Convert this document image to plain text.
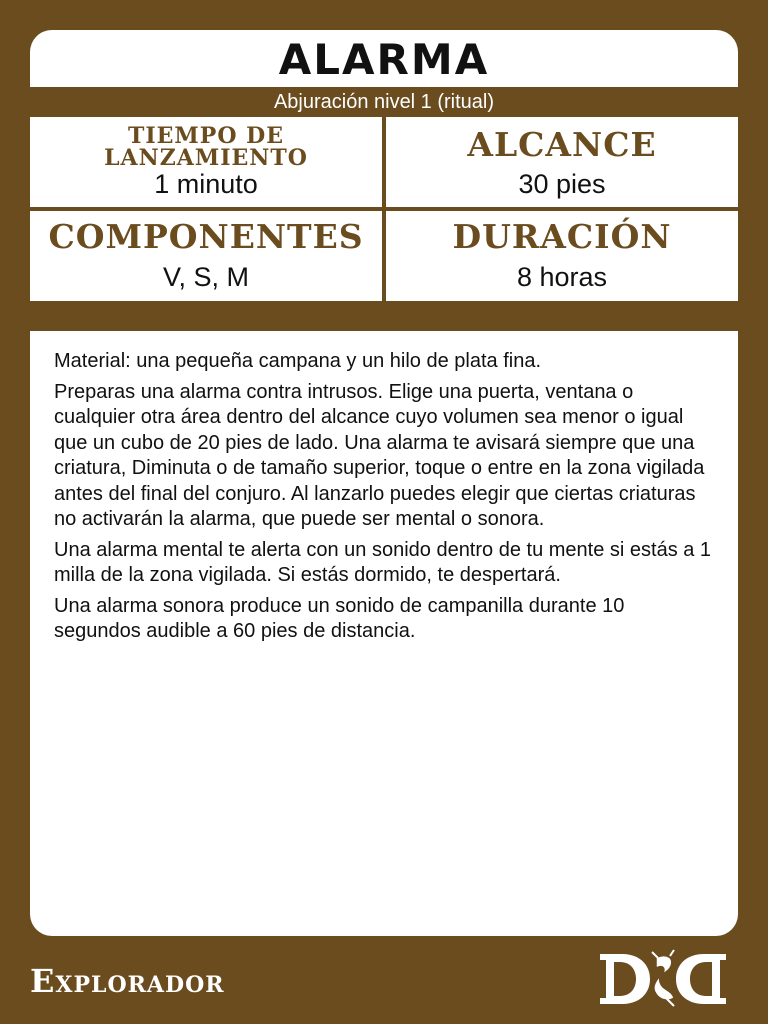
ALARMA
Abjuración nivel 1 (ritual)
TIEMPO DE
LANZAMIENTO
1 minuto
ALCANCE
30 pies
COMPONENTES
V, S, M
DURACIÓN
8 horas

Material: una pequeña campana y un hilo de plata fina.

Preparas una alarma contra intrusos. Elige una puerta, ventana o cualquier otra área dentro del alcance cuyo volumen sea menor o igual que un cubo de 20 pies de lado. Una alarma te avisará siempre que una criatura, Diminuta o de tamaño superior, toque o entre en la zona vigilada antes del final del conjuro. Al lanzarlo puedes elegir que ciertas criaturas no activarán la alarma, que puede ser mental o sonora.

Una alarma mental te alerta con un sonido dentro de tu mente si estás a 1 milla de la zona vigilada. Si estás dormido, te despertará.

Una alarma sonora produce un sonido de campanilla durante 10 segundos audible a 60 pies de distancia.

Explorador
